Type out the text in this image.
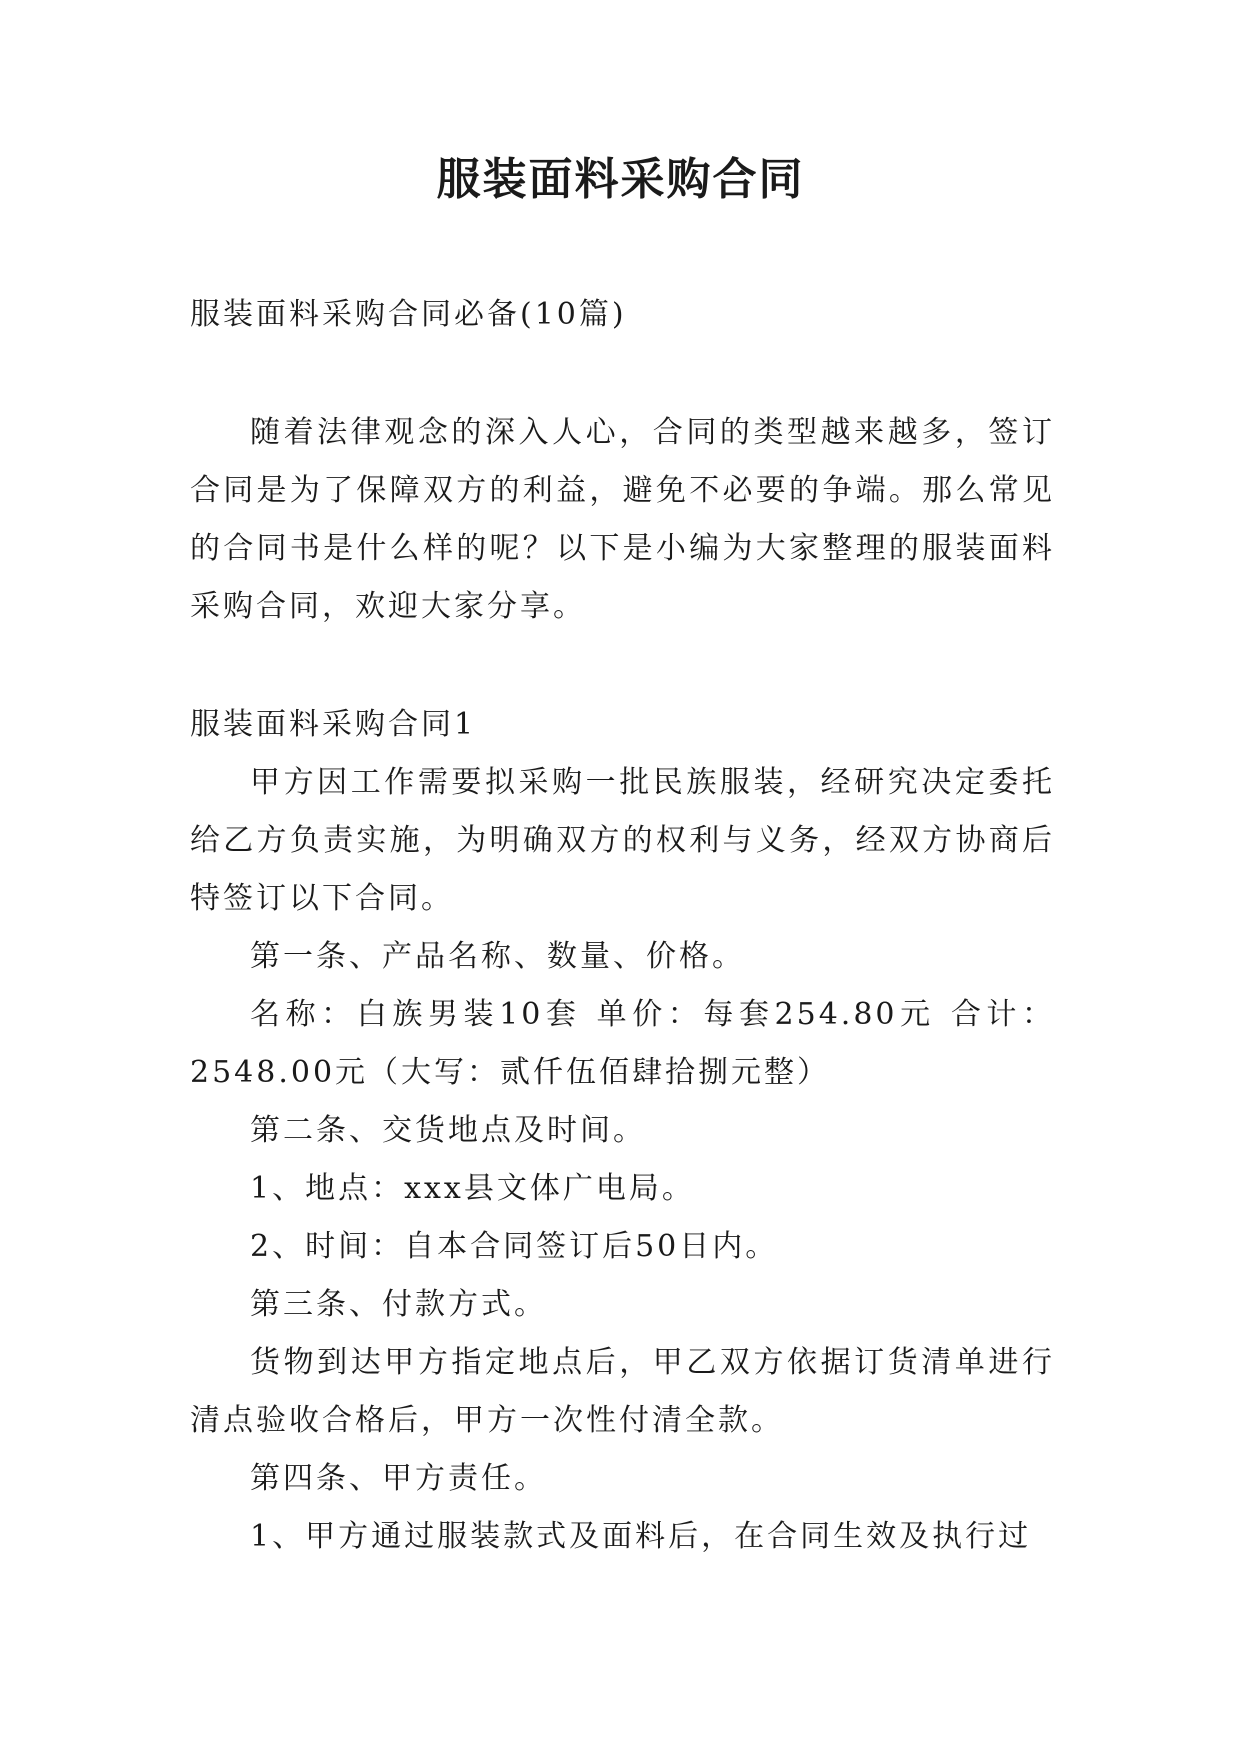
服装面料采购合同

服装面料采购合同必备(10篇)

随着法律观念的深入人心，合同的类型越来越多，签订合同是为了保障双方的利益，避免不必要的争端。那么常见的合同书是什么样的呢？以下是小编为大家整理的服装面料采购合同，欢迎大家分享。

服装面料采购合同1

甲方因工作需要拟采购一批民族服装，经研究决定委托给乙方负责实施，为明确双方的权利与义务，经双方协商后特签订以下合同。

第一条、产品名称、数量、价格。

名称：白族男装10套 单价：每套254.80元 合计：2548.00元（大写：贰仟伍佰肆拾捌元整）

第二条、交货地点及时间。

1、地点：xxx县文体广电局。

2、时间：自本合同签订后50日内。

第三条、付款方式。

货物到达甲方指定地点后，甲乙双方依据订货清单进行清点验收合格后，甲方一次性付清全款。

第四条、甲方责任。

1、甲方通过服装款式及面料后，在合同生效及执行过
